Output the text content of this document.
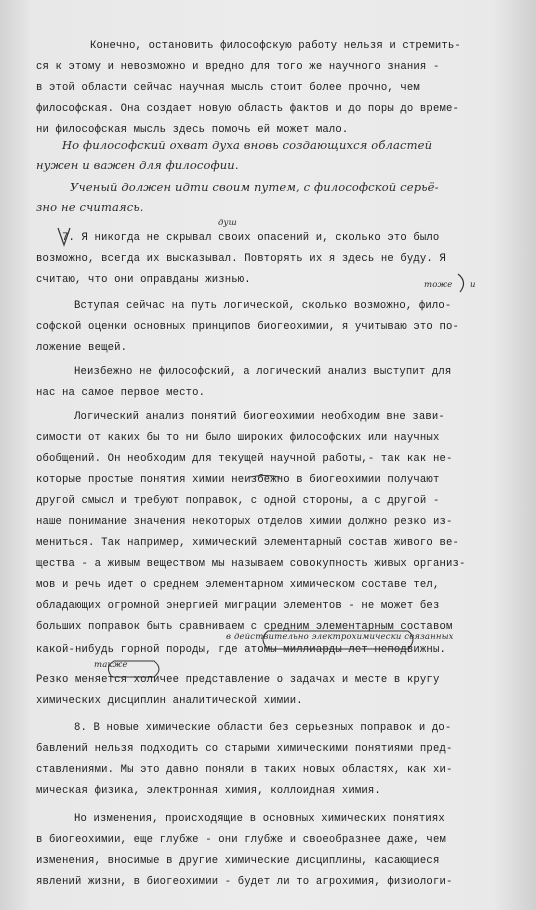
Конечно, остановить философскую работу нельзя и стремить-
ся к этому и невозможно и вредно для того же научного знания -
в этой области сейчас научная мысль стоит более прочно, чем
философская. Она создает новую область фактов и до поры до време-
ни философская мысль здесь помочь ей может мало.
Но философский охват духа вновь создающихся областей
нужен и важен для философии.
Ученый должен идти своим путем, с философской серьё-
зно не считаясь.
душ
7. Я никогда не скрывал своих опасений и, сколько это было
возможно, всегда их высказывал. Повторять их я здесь не буду. Я
считаю, что они оправданы жизнью.	тоже и
Вступая сейчас на путь логической, сколько возможно, фило-
софской оценки основных принципов биогеохимии, я учитываю это по-
ложение вещей.
Неизбежно не философский, а логический анализ выступит для
нас на самое первое место.
Логический анализ понятий биогеохимии необходим вне зави-
симости от каких бы то ни было широких философских или научных
обобщений. Он необходим для текущей научной работы,- так как не-
которые простые понятия химии неизбежно в биогеохимии получают
другой смысл и требуют поправок, с одной стороны, а с другой -
наше понимание значения некоторых отделов химии должно резко из-
мениться. Так например, химический элементарный состав живого ве-
щества - а живым веществом мы называем совокупность живых организ-
мов и речь идет о среднем элементарном химическом составе тел,
обладающих огромной энергией миграции элементов - не может без
больших поправок быть сравниваем с средним элементарным составом
в действительно электрохимически связанных
какой-нибудь горной породы, где атомы миллиарды лет неподвижны.
также
Резко меняется холичее представление о задачах и месте в кругу
химических дисциплин аналитической химии.
8. В новые химические области без серьезных поправок и до-
бавлений нельзя подходить со старыми химическими понятиями пред-
ставлениями. Мы это давно поняли в таких новых областях, как хи-
мическая физика, электронная химия, коллоидная химия.
Но изменения, происходящие в основных химических понятиях
в биогеохимии, еще глубже - они глубже и своеобразнее даже, чем
изменения, вносимые в другие химические дисциплины, касающиеся
явлений жизни, в биогеохимии - будет ли то агрохимия, физиологи-
